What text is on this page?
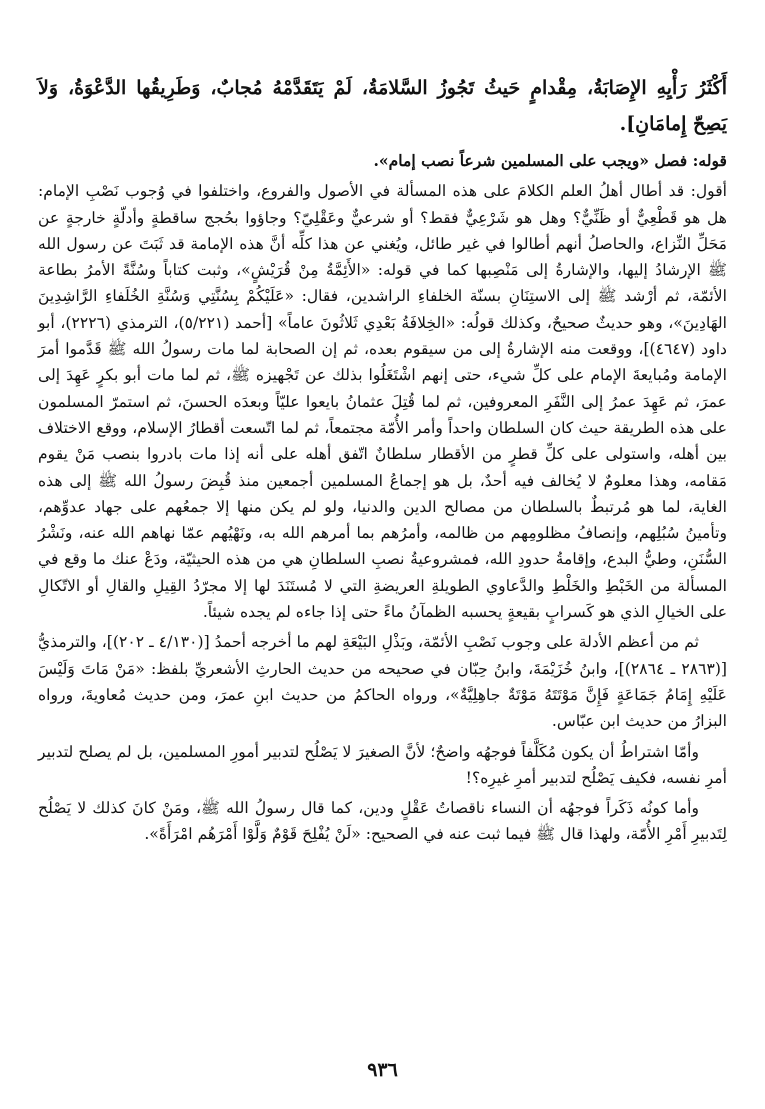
أَكْثَرُ رَأْيِهِ الإِصَابَةُ، مِقْدامٍ حَيثُ تَجُوزُ السَّلامَةُ، لَمْ يَتَقَدَّمْهُ مُجابٌ، وَطَرِيقُها الدَّعْوَةُ، وَلاَ يَصِحّ إِمامَانِ].

قوله: فصل «ويجب على المسلمين شرعاً نصب إمام».

أقول: قد أطال أهلُ العلم الكلامَ على هذه المسألة في الأصول والفروع، واختلفوا في وُجوب نَصْبِ الإمام: هل هو قَطْعِيٌّ أو ظَنِّيٌّ؟ وهل هو شَرْعِيٌّ فقط؟ أو شرعيٌّ وعَقْلِيّ؟ وجاؤوا بحُجج ساقطةٍ وأدلّةٍ خارجةٍ عن مَحَلِّ النِّزاع، والحاصلُ أنهم أطالوا في غير طائل، ويُغني عن هذا كلِّه أنَّ هذه الإمامة قد ثَبَتَ عن رسول الله ﷺ الإرشادُ إليها، والإشارةُ إلى مَنْصِبها كما في قوله: «الأَئِمَّةُ مِنْ قُرَيْشٍ»، وثبت كتاباً وسُنَّةً الأمرُ بطاعة الأئمّة، ثم أرْشد ﷺ إلى الاستِنَانِ بسنّة الخلفاءِ الراشدين، فقال: «عَلَيْكُمْ بِسُنَّتِي وَسُنَّةِ الخُلَفاءِ الرَّاشِدِينَ الهَادِينَ»، وهو حديثٌ صحيحٌ، وكذلك قولُه: «الخِلافَةُ بَعْدِي ثَلاثُونَ عاماً» [أحمد (٥/٢٢١)، الترمذي (٢٢٢٦)، أبو داود (٤٦٤٧)]، ووقعت منه الإشارةُ إلى من سيقوم بعده، ثم إن الصحابة لما مات رسولُ الله ﷺ قَدَّموا أمرَ الإمامة ومُبايعةَ الإمام على كلِّ شيء، حتى إنهم اشْتَغَلُوا بذلك عن تَجْهيزه ﷺ، ثم لما مات أبو بكرٍ عَهِدَ إلى عمرَ، ثم عَهِدَ عمرُ إلى النَّفَرِ المعروفين، ثم لما قُتِلَ عثمانُ بايعوا عليّاً وبعدَه الحسنَ، ثم استمرّ المسلمون على هذه الطريقة حيث كان السلطان واحداً وأمر الأُمّة مجتمعاً، ثم لما اتّسعت أقطارُ الإسلام، ووقع الاختلاف بين أهله، واستولى على كلِّ قطرٍ من الأقطار سلطانٌ اتّفق أهله على أنه إذا مات بادروا بنصب مَنْ يقوم مَقامه، وهذا معلومٌ لا يُخالف فيه أحدٌ، بل هو إجماعُ المسلمين أجمعين منذ قُبِضَ رسولُ الله ﷺ إلى هذه الغاية، لما هو مُرتبطٌ بالسلطان من مصالح الدين والدنيا، ولو لم يكن منها إلا جمعُهم على جهاد عدوِّهم، وتأمينُ سُبُلِهم، وإنصافُ مظلومِهم من ظالمه، وأمرُهم بما أمرهم الله به، ونَهْيُهم عمّا نهاهم الله عنه، ونَشْرُ السُّنَنِ، وطيُّ البدع، وإقامةُ حدودِ الله، فمشروعيةُ نصبِ السلطانِ هي من هذه الحيثيّة، ودَعْ عنك ما وقع في المسألة من الخَبْطِ والخَلْطِ والدَّعاوي الطويلةِ العريضةِ التي لا مُستَنَدَ لها إلا مجرّدُ القِيلِ والقالِ أو الاتّكالِ على الخيالِ الذي هو كَسرابٍ بقيعةٍ يحسبه الظمآنُ ماءً حتى إذا جاءه لم يجده شيئاً.

ثم من أعظم الأدلة على وجوب نَصْبِ الأئمّة، وبَذْلِ البَيْعَةِ لهم ما أخرجه أحمدُ [(٤/١٣٠ ـ ٢٠٢)]، والترمذيُّ [(٢٨٦٣ ـ ٢٨٦٤)]، وابنُ خُزَيْمَةَ، وابنُ حِبّان في صحيحه من حديث الحارثِ الأشعريِّ بلفظ: «مَنْ مَاتَ وَلَيْسَ عَلَيْهِ إِمَامُ جَمَاعَةٍ فَإِنَّ مَوْتَتَهُ مَوْتَةٌ جاهِلِيَّةٌ»، ورواه الحاكمُ من حديث ابنِ عمرَ، ومن حديث مُعاويةَ، ورواه البزارُ من حديث ابن عبّاس.

وأمّا اشتراطُ أن يكون مُكَلَّفاً فوجهُه واضحٌ؛ لأنَّ الصغيرَ لا يَصْلُح لتدبير أمورِ المسلمين، بل لم يصلح لتدبير أمرِ نفسه، فكيف يَصْلُح لتدبير أمرِ غيرِه؟!

وأما كونُه ذَكَراً فوجهُه أن النساء ناقصاتُ عَقْلٍ ودين، كما قال رسولُ الله ﷺ، ومَنْ كانَ كذلك لا يَصْلُح لِتَدبيرِ أَمْرِ الأُمّة، ولهذا قال ﷺ فيما ثبت عنه في الصحيح: «لَنْ يُفْلِحَ قَوْمٌ وَلَّوْا أَمْرَهُم امْرَأَةً».

٩٣٦
